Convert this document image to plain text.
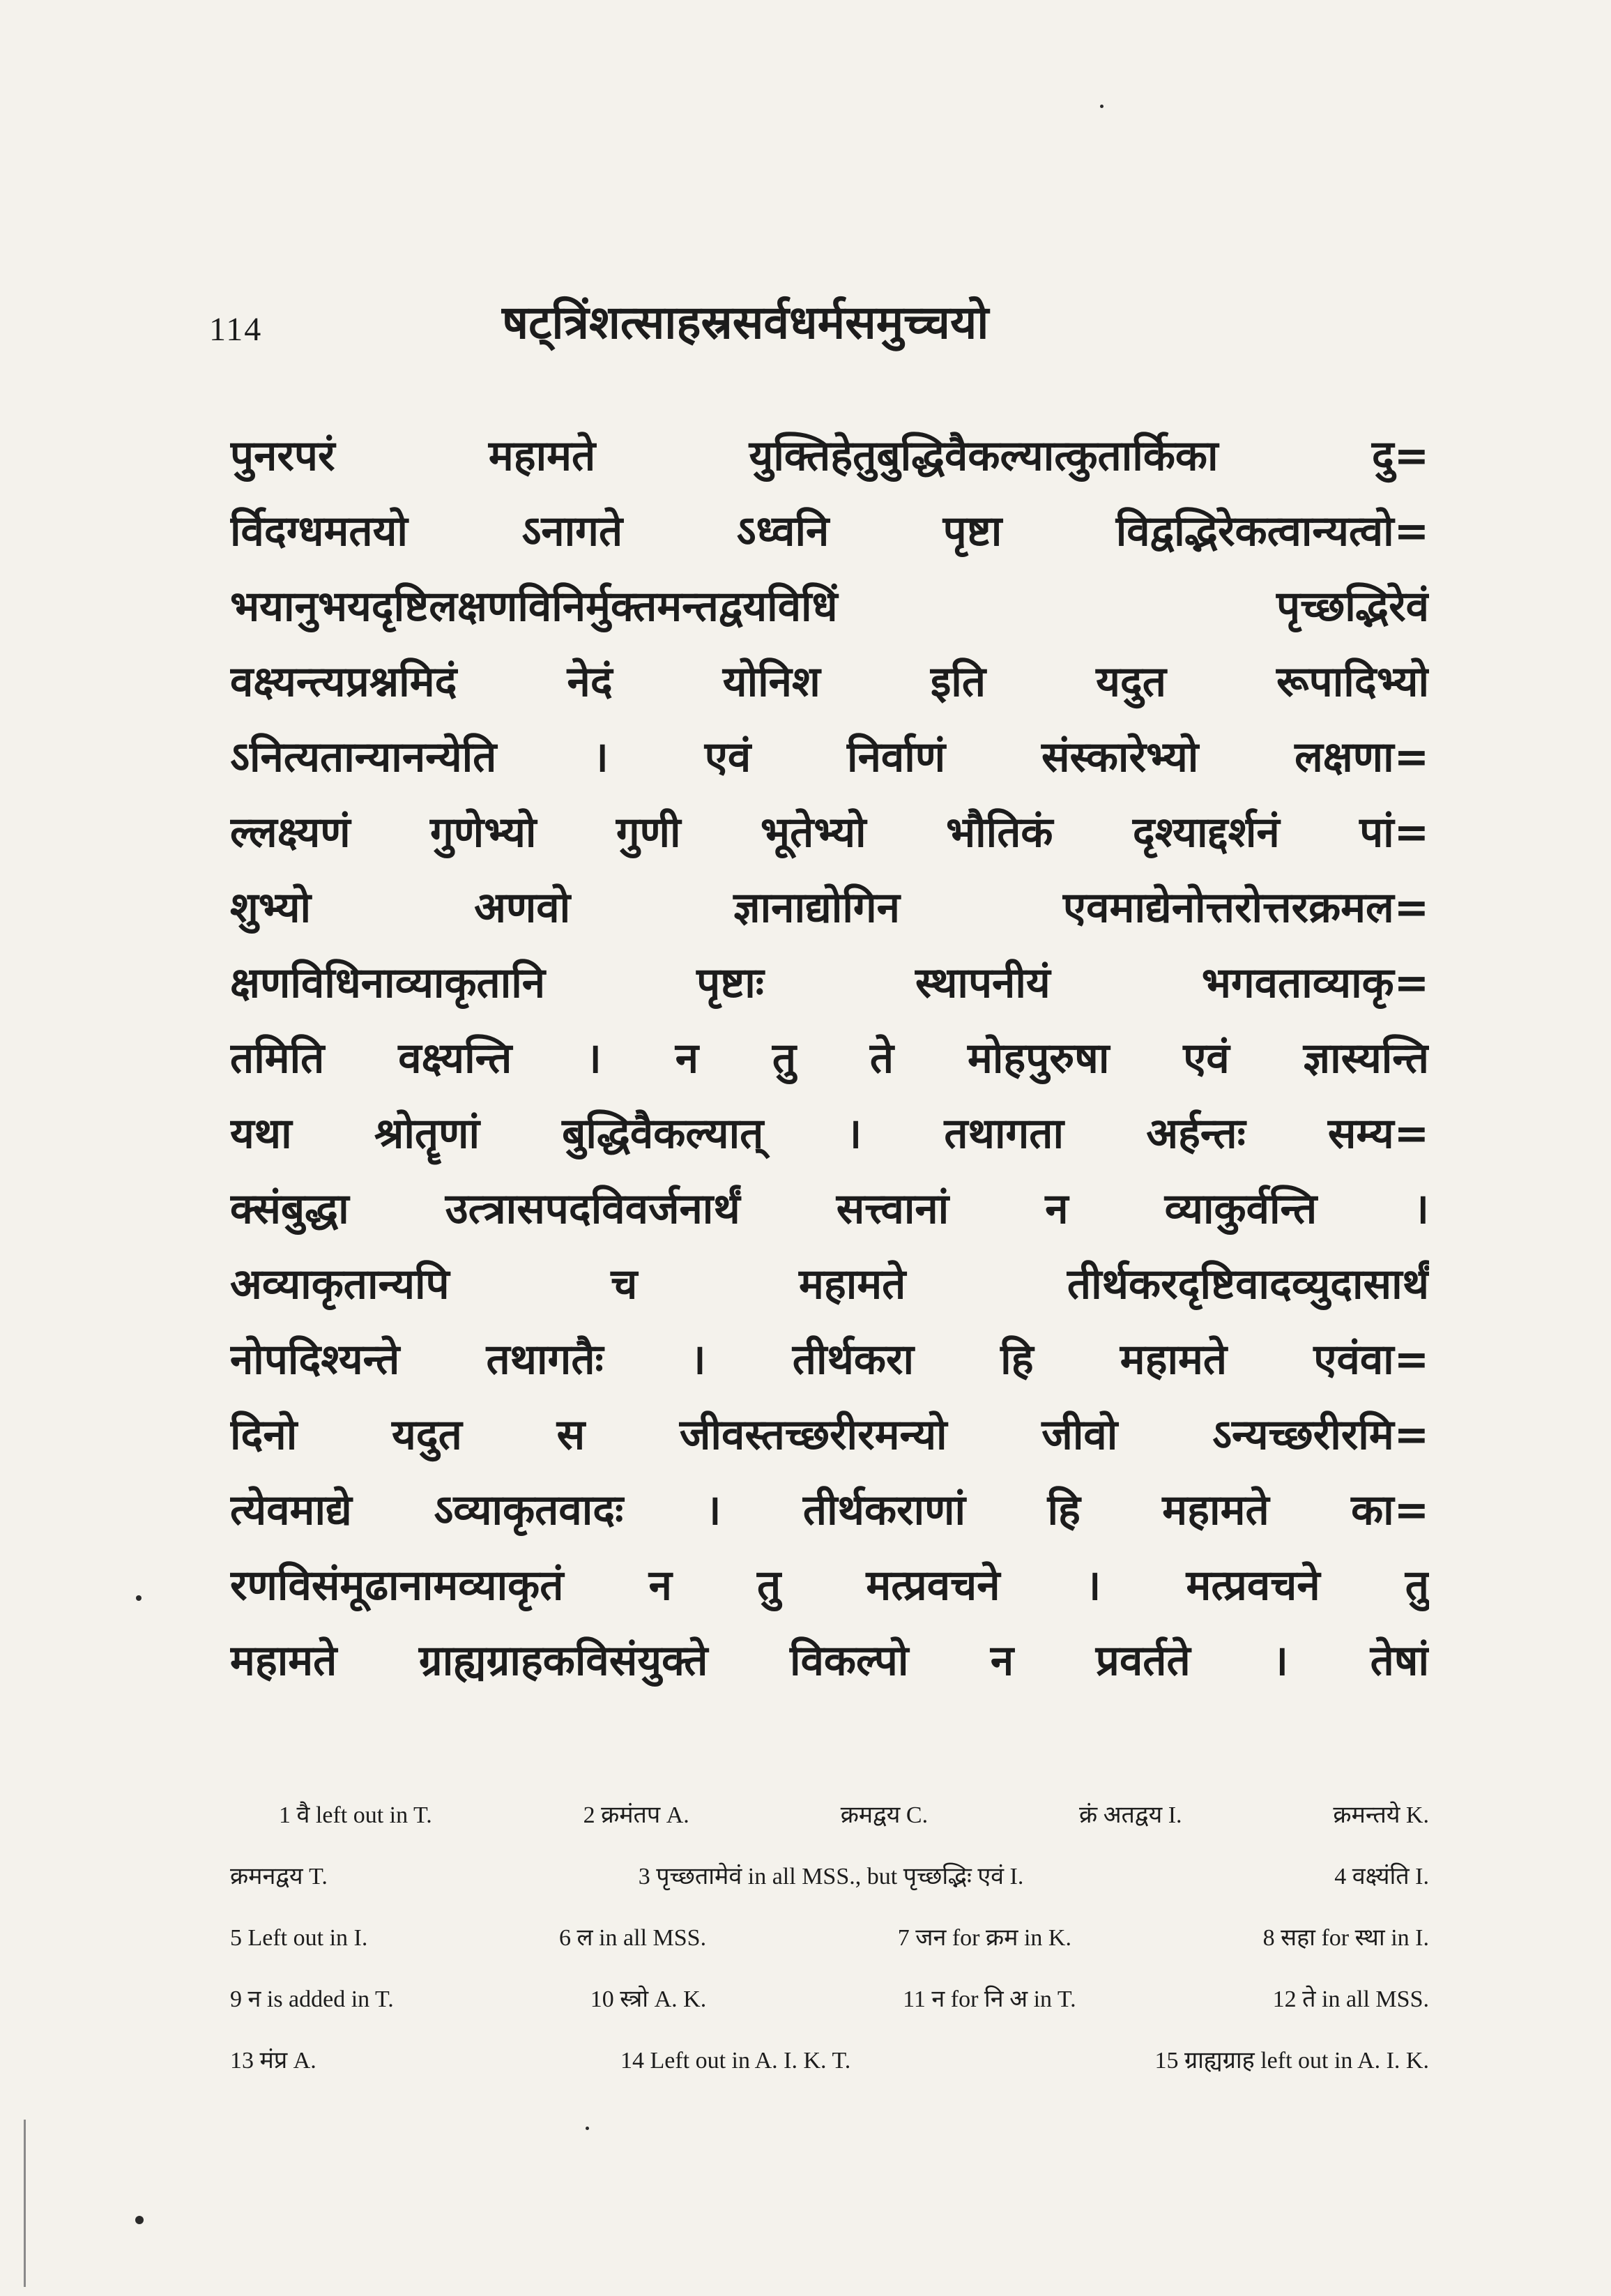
114	षट्त्रिंशत्साहस्रसर्वधर्मसमुच्चयो
पुनरपरं महामते युक्तिहेतुबुद्धिवैकल्यात्कुतार्किका दु=
र्विदग्धमतयो ऽनागते ऽध्वनि पृष्टा विद्वद्भिरेकत्वान्यत्वो=
भयानुभयदृष्टिलक्षणविनिर्मुक्तमन्तद्वयविधिं पृच्छद्भिरेवं
वक्ष्यन्त्यप्रश्नमिदं नेदं योनिश इति यदुत रूपादिभ्यो
ऽनित्यतान्यानन्येति । एवं निर्वाणं संस्कारेभ्यो लक्षणा=
ल्लक्ष्यणं गुणेभ्यो गुणी भूतेभ्यो भौतिकं दृश्याद्दर्शनं पां=
शुभ्यो अणवो ज्ञानाद्योगिन एवमाद्येनोत्तरोत्तरक्रमल=
क्षणविधिनाव्याकृतानि पृष्टाः स्थापनीयं भगवताव्याकृ=
तमिति वक्ष्यन्ति । न तु ते मोहपुरुषा एवं ज्ञास्यन्ति
यथा श्रोतॄणां बुद्धिवैकल्यात् । तथागता अर्हन्तः सम्य=
क्संबुद्धा उत्त्रासपदविवर्जनार्थं सत्त्वानां न व्याकुर्वन्ति ।
अव्याकृतान्यपि च महामते तीर्थकरदृष्टिवादव्युदासार्थं
नोपदिश्यन्ते तथागतैः । तीर्थकरा हि महामते एवंवा=
दिनो यदुत स जीवस्तच्छरीरमन्यो जीवो ऽन्यच्छरीरमि=
त्येवमाद्ये ऽव्याकृतवादः । तीर्थकराणां हि महामते का=
रणविसंमूढानामव्याकृतं न तु मत्प्रवचने । मत्प्रवचने तु
महामते ग्राह्यग्राहकविसंयुक्ते विकल्पो न प्रवर्तते । तेषां
1 वै left out in T.	2 क्रमंतप A.	क्रमद्वय C.	क्रं अतद्वय I.	क्रमन्तये K.
क्रमनद्वय T.	3 पृच्छतामेवं in all MSS., but पृच्छद्भिः एवं I.	4 वक्ष्यंति I.
5 Left out in I.	6 ल in all MSS.	7 जन for क्रम in K.	8 सहा for स्था in I.
9 न is added in T.	10 स्त्रो A. K.	11 न for नि अ in T.	12 ते in all MSS.
13 मंप्र A.	14 Left out in A. I. K. T.	15 ग्राह्यग्राह left out in A. I. K.
